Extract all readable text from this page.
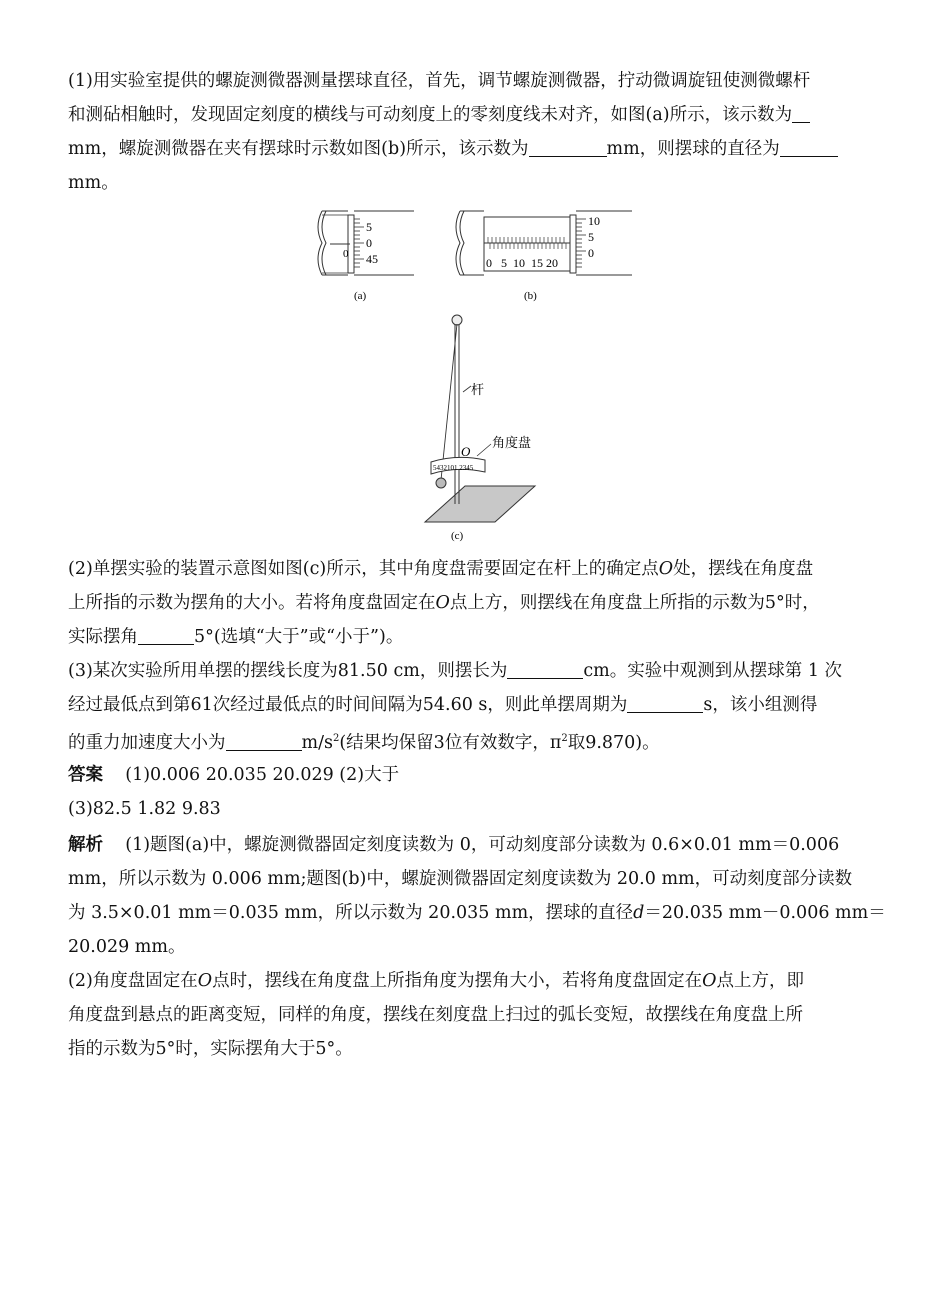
(1)用实验室提供的螺旋测微器测量摆球直径，首先，调节螺旋测微器，拧动微调旋钮使测微螺杆
和测砧相触时，发现固定刻度的横线与可动刻度上的零刻度线未对齐，如图(a)所示，该示数为
mm，螺旋测微器在夹有摆球时示数如图(b)所示，该示数为	mm，则摆球的直径为
mm。
5
0
45
0
(a)
10
5
0
0   5  10  15 20
(b)
5432101 2345
杆
O
角度盘
(c)
(2)单摆实验的装置示意图如图(c)所示，其中角度盘需要固定在杆上的确定点O处，摆线在角度盘
上所指的示数为摆角的大小。若将角度盘固定在O点上方，则摆线在角度盘上所指的示数为5°时，
实际摆角	5°(选填“大于”或“小于”)。
(3)某次实验所用单摆的摆线长度为81.50 cm，则摆长为	cm。实验中观测到从摆球第 1 次
经过最低点到第61次经过最低点的时间间隔为54.60 s，则此单摆周期为	s，该小组测得
的重力加速度大小为	$m/s^2$(结果均保留3位有效数字，$\pi^2$取9.870)。
答案 (1)0.006 20.035 20.029 (2)大于
(3)82.5 1.82 9.83
解析 (1)题图(a)中，螺旋测微器固定刻度读数为 0，可动刻度部分读数为 0.6×0.01 mm＝0.006
mm，所以示数为 0.006 mm;题图(b)中，螺旋测微器固定刻度读数为 20.0 mm，可动刻度部分读数
为 3.5×0.01 mm＝0.035 mm，所以示数为 20.035 mm，摆球的直径d＝20.035 mm－0.006 mm＝
20.029 mm。
(2)角度盘固定在O点时，摆线在角度盘上所指角度为摆角大小，若将角度盘固定在O点上方，即
角度盘到悬点的距离变短，同样的角度，摆线在刻度盘上扫过的弧长变短，故摆线在角度盘上所
指的示数为5°时，实际摆角大于5°。
